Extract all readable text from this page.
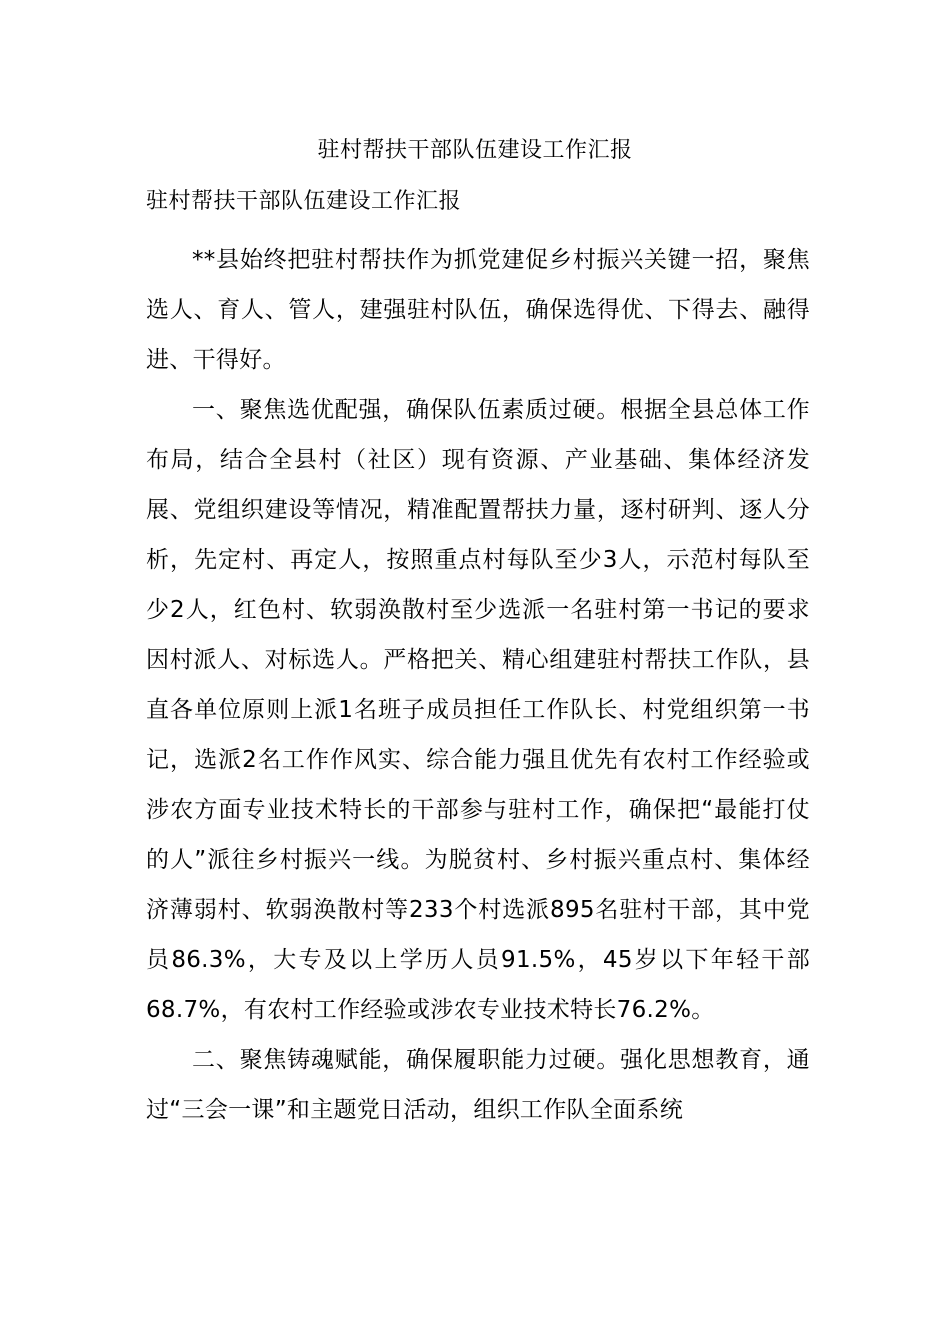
驻村帮扶干部队伍建设工作汇报
驻村帮扶干部队伍建设工作汇报

**县始终把驻村帮扶作为抓党建促乡村振兴关键一招，聚焦选人、育人、管人，建强驻村队伍，确保选得优、下得去、融得进、干得好。

一、聚焦选优配强，确保队伍素质过硬。根据全县总体工作布局，结合全县村（社区）现有资源、产业基础、集体经济发展、党组织建设等情况，精准配置帮扶力量，逐村研判、逐人分析，先定村、再定人，按照重点村每队至少3人，示范村每队至少2人，红色村、软弱涣散村至少选派一名驻村第一书记的要求因村派人、对标选人。严格把关、精心组建驻村帮扶工作队，县直各单位原则上派1名班子成员担任工作队长、村党组织第一书记，选派2名工作作风实、综合能力强且优先有农村工作经验或涉农方面专业技术特长的干部参与驻村工作，确保把“最能打仗的人”派往乡村振兴一线。为脱贫村、乡村振兴重点村、集体经济薄弱村、软弱涣散村等233个村选派895名驻村干部，其中党员86.3%，大专及以上学历人员91.5%，45岁以下年轻干部68.7%，有农村工作经验或涉农专业技术特长76.2%。

二、聚焦铸魂赋能，确保履职能力过硬。强化思想教育，通过“三会一课”和主题党日活动，组织工作队全面系统
